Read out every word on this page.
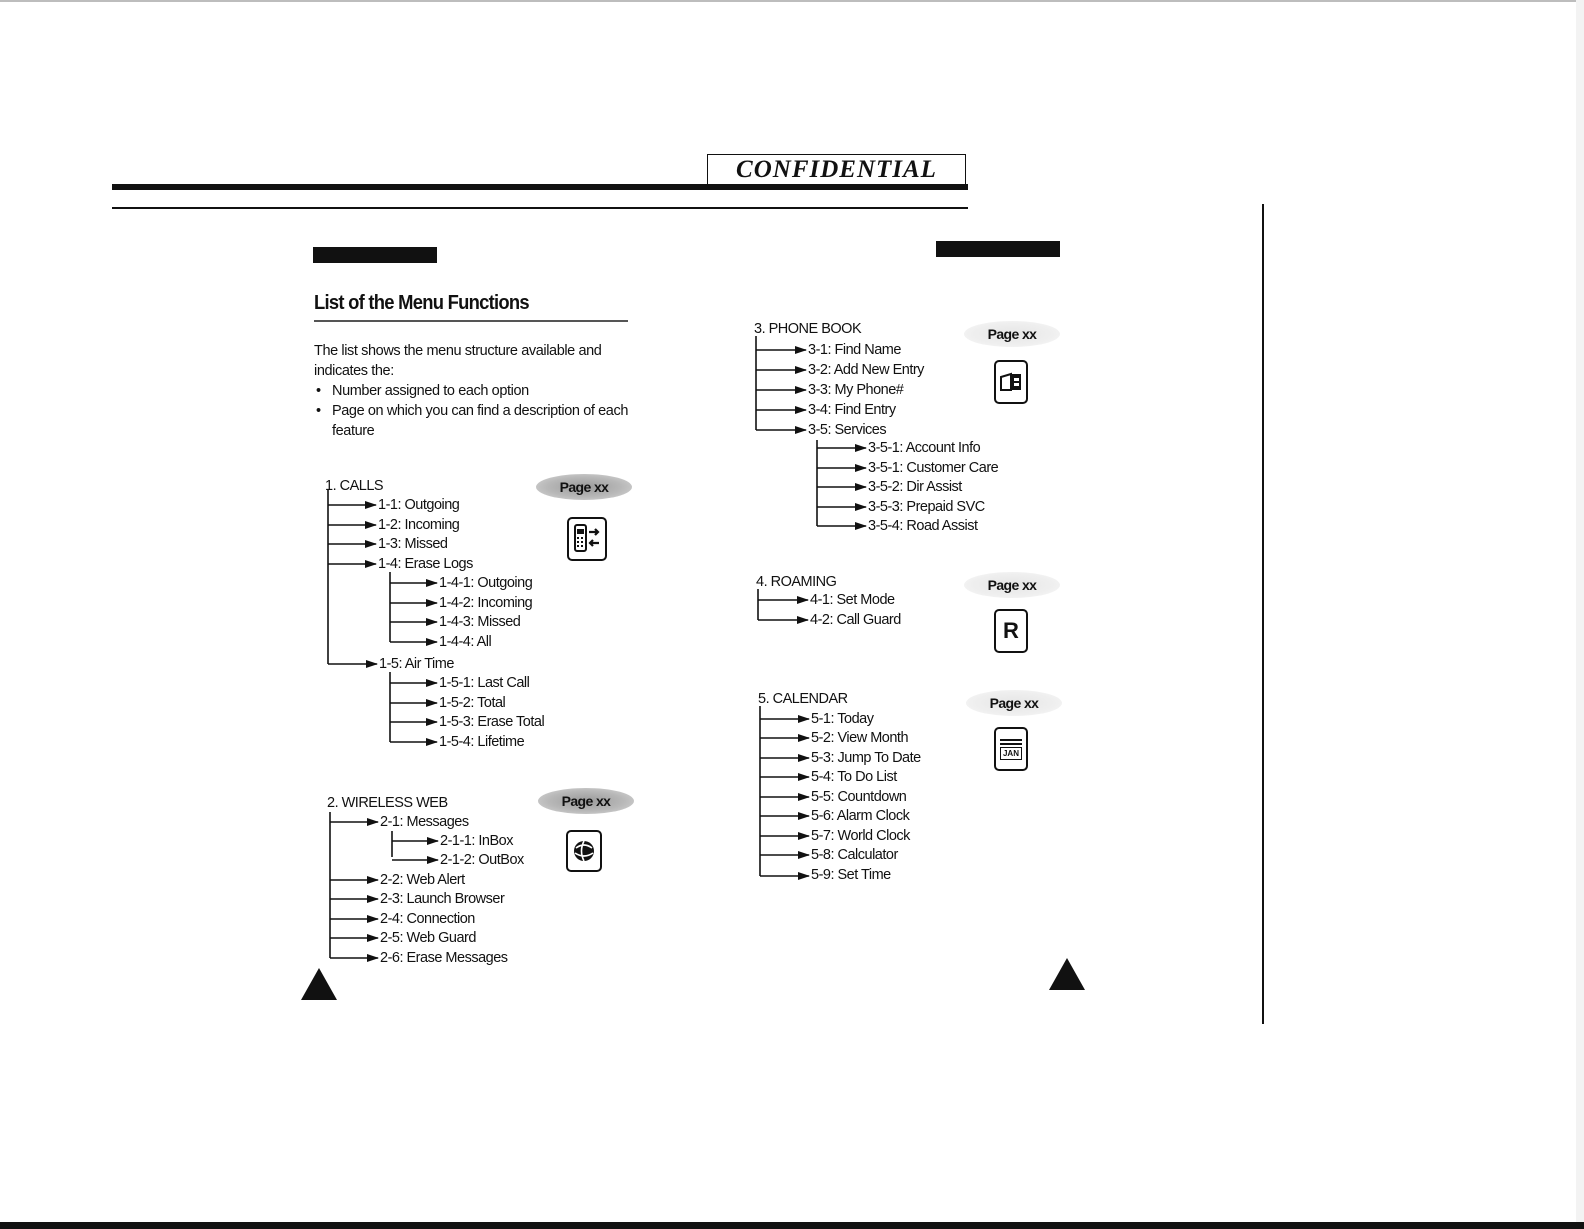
CONFIDENTIAL
List of the Menu Functions

The list shows the menu structure available and indicates the:

• Number assigned to each option
• Page on which you can find a description of each feature
1. CALLS
1-1: Outgoing
1-2: Incoming
1-3: Missed
1-4: Erase Logs
1-4-1: Outgoing
1-4-2: Incoming
1-4-3: Missed
1-4-4: All
1-5: Air Time
1-5-1: Last Call
1-5-2: Total
1-5-3: Erase Total
1-5-4: Lifetime
Page xx
2. WIRELESS WEB
2-1: Messages
2-1-1: InBox
2-1-2: OutBox
2-2: Web Alert
2-3: Launch Browser
2-4: Connection
2-5: Web Guard
2-6: Erase Messages
Page xx
3. PHONE BOOK
3-1: Find Name
3-2: Add New Entry
3-3: My Phone#
3-4: Find Entry
3-5: Services
3-5-1: Account Info
3-5-1: Customer Care
3-5-2: Dir Assist
3-5-3: Prepaid SVC
3-5-4: Road Assist
Page xx
4. ROAMING
4-1: Set Mode
4-2: Call Guard
Page xx
R
5. CALENDAR
5-1: Today
5-2: View Month
5-3: Jump To Date
5-4: To Do List
5-5: Countdown
5-6: Alarm Clock
5-7: World Clock
5-8: Calculator
5-9: Set Time
Page xx
JAN
